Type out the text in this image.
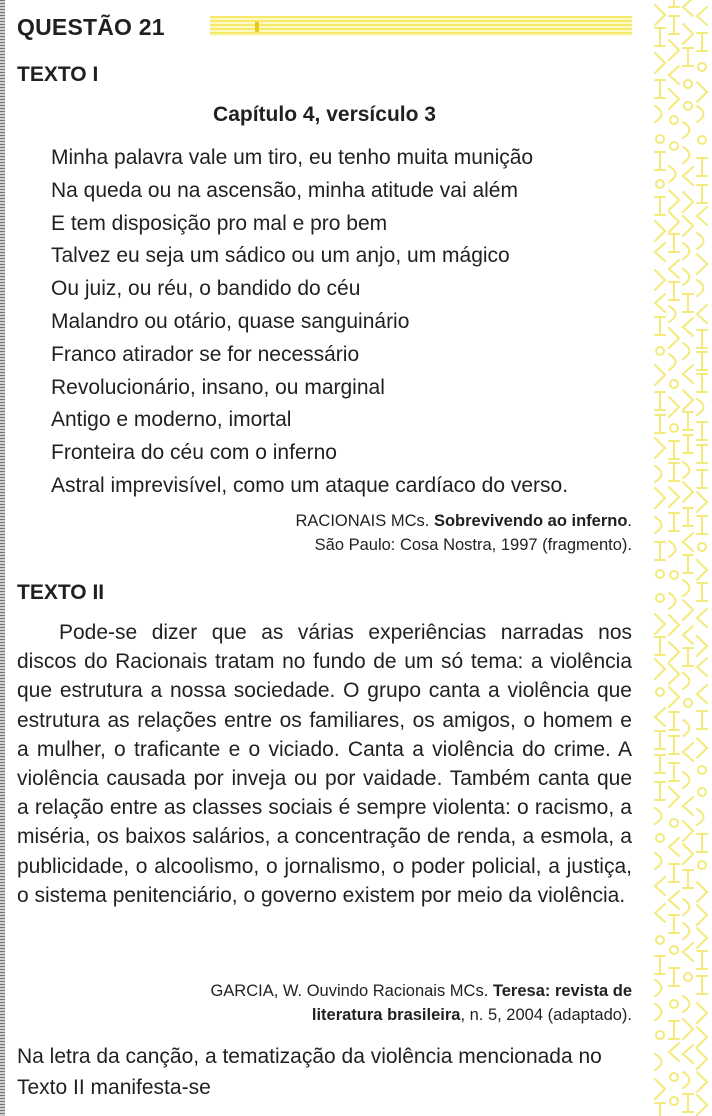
QUESTÃO 21
TEXTO I
Capítulo 4, versículo 3
Minha palavra vale um tiro, eu tenho muita munição
Na queda ou na ascensão, minha atitude vai além
E tem disposição pro mal e pro bem
Talvez eu seja um sádico ou um anjo, um mágico
Ou juiz, ou réu, o bandido do céu
Malandro ou otário, quase sanguinário
Franco atirador se for necessário
Revolucionário, insano, ou marginal
Antigo e moderno, imortal
Fronteira do céu com o inferno
Astral imprevisível, como um ataque cardíaco do verso.
RACIONAIS MCs. Sobrevivendo ao inferno.
São Paulo: Cosa Nostra, 1997 (fragmento).
TEXTO II

Pode-se dizer que as várias experiências narradas nos discos do Racionais tratam no fundo de um só tema: a violência que estrutura a nossa sociedade. O grupo canta a violência que estrutura as relações entre os familiares, os amigos, o homem e a mulher, o traficante e o viciado. Canta a violência do crime. A violência causada por inveja ou por vaidade. Também canta que a relação entre as classes sociais é sempre violenta: o racismo, a miséria, os baixos salários, a concentração de renda, a esmola, a publicidade, o alcoolismo, o jornalismo, o poder policial, a justiça, o sistema penitenciário, o governo existem por meio da violência.

GARCIA, W. Ouvindo Racionais MCs. Teresa: revista de
literatura brasileira, n. 5, 2004 (adaptado).

Na letra da canção, a tematização da violência mencionada no Texto II manifesta-se
